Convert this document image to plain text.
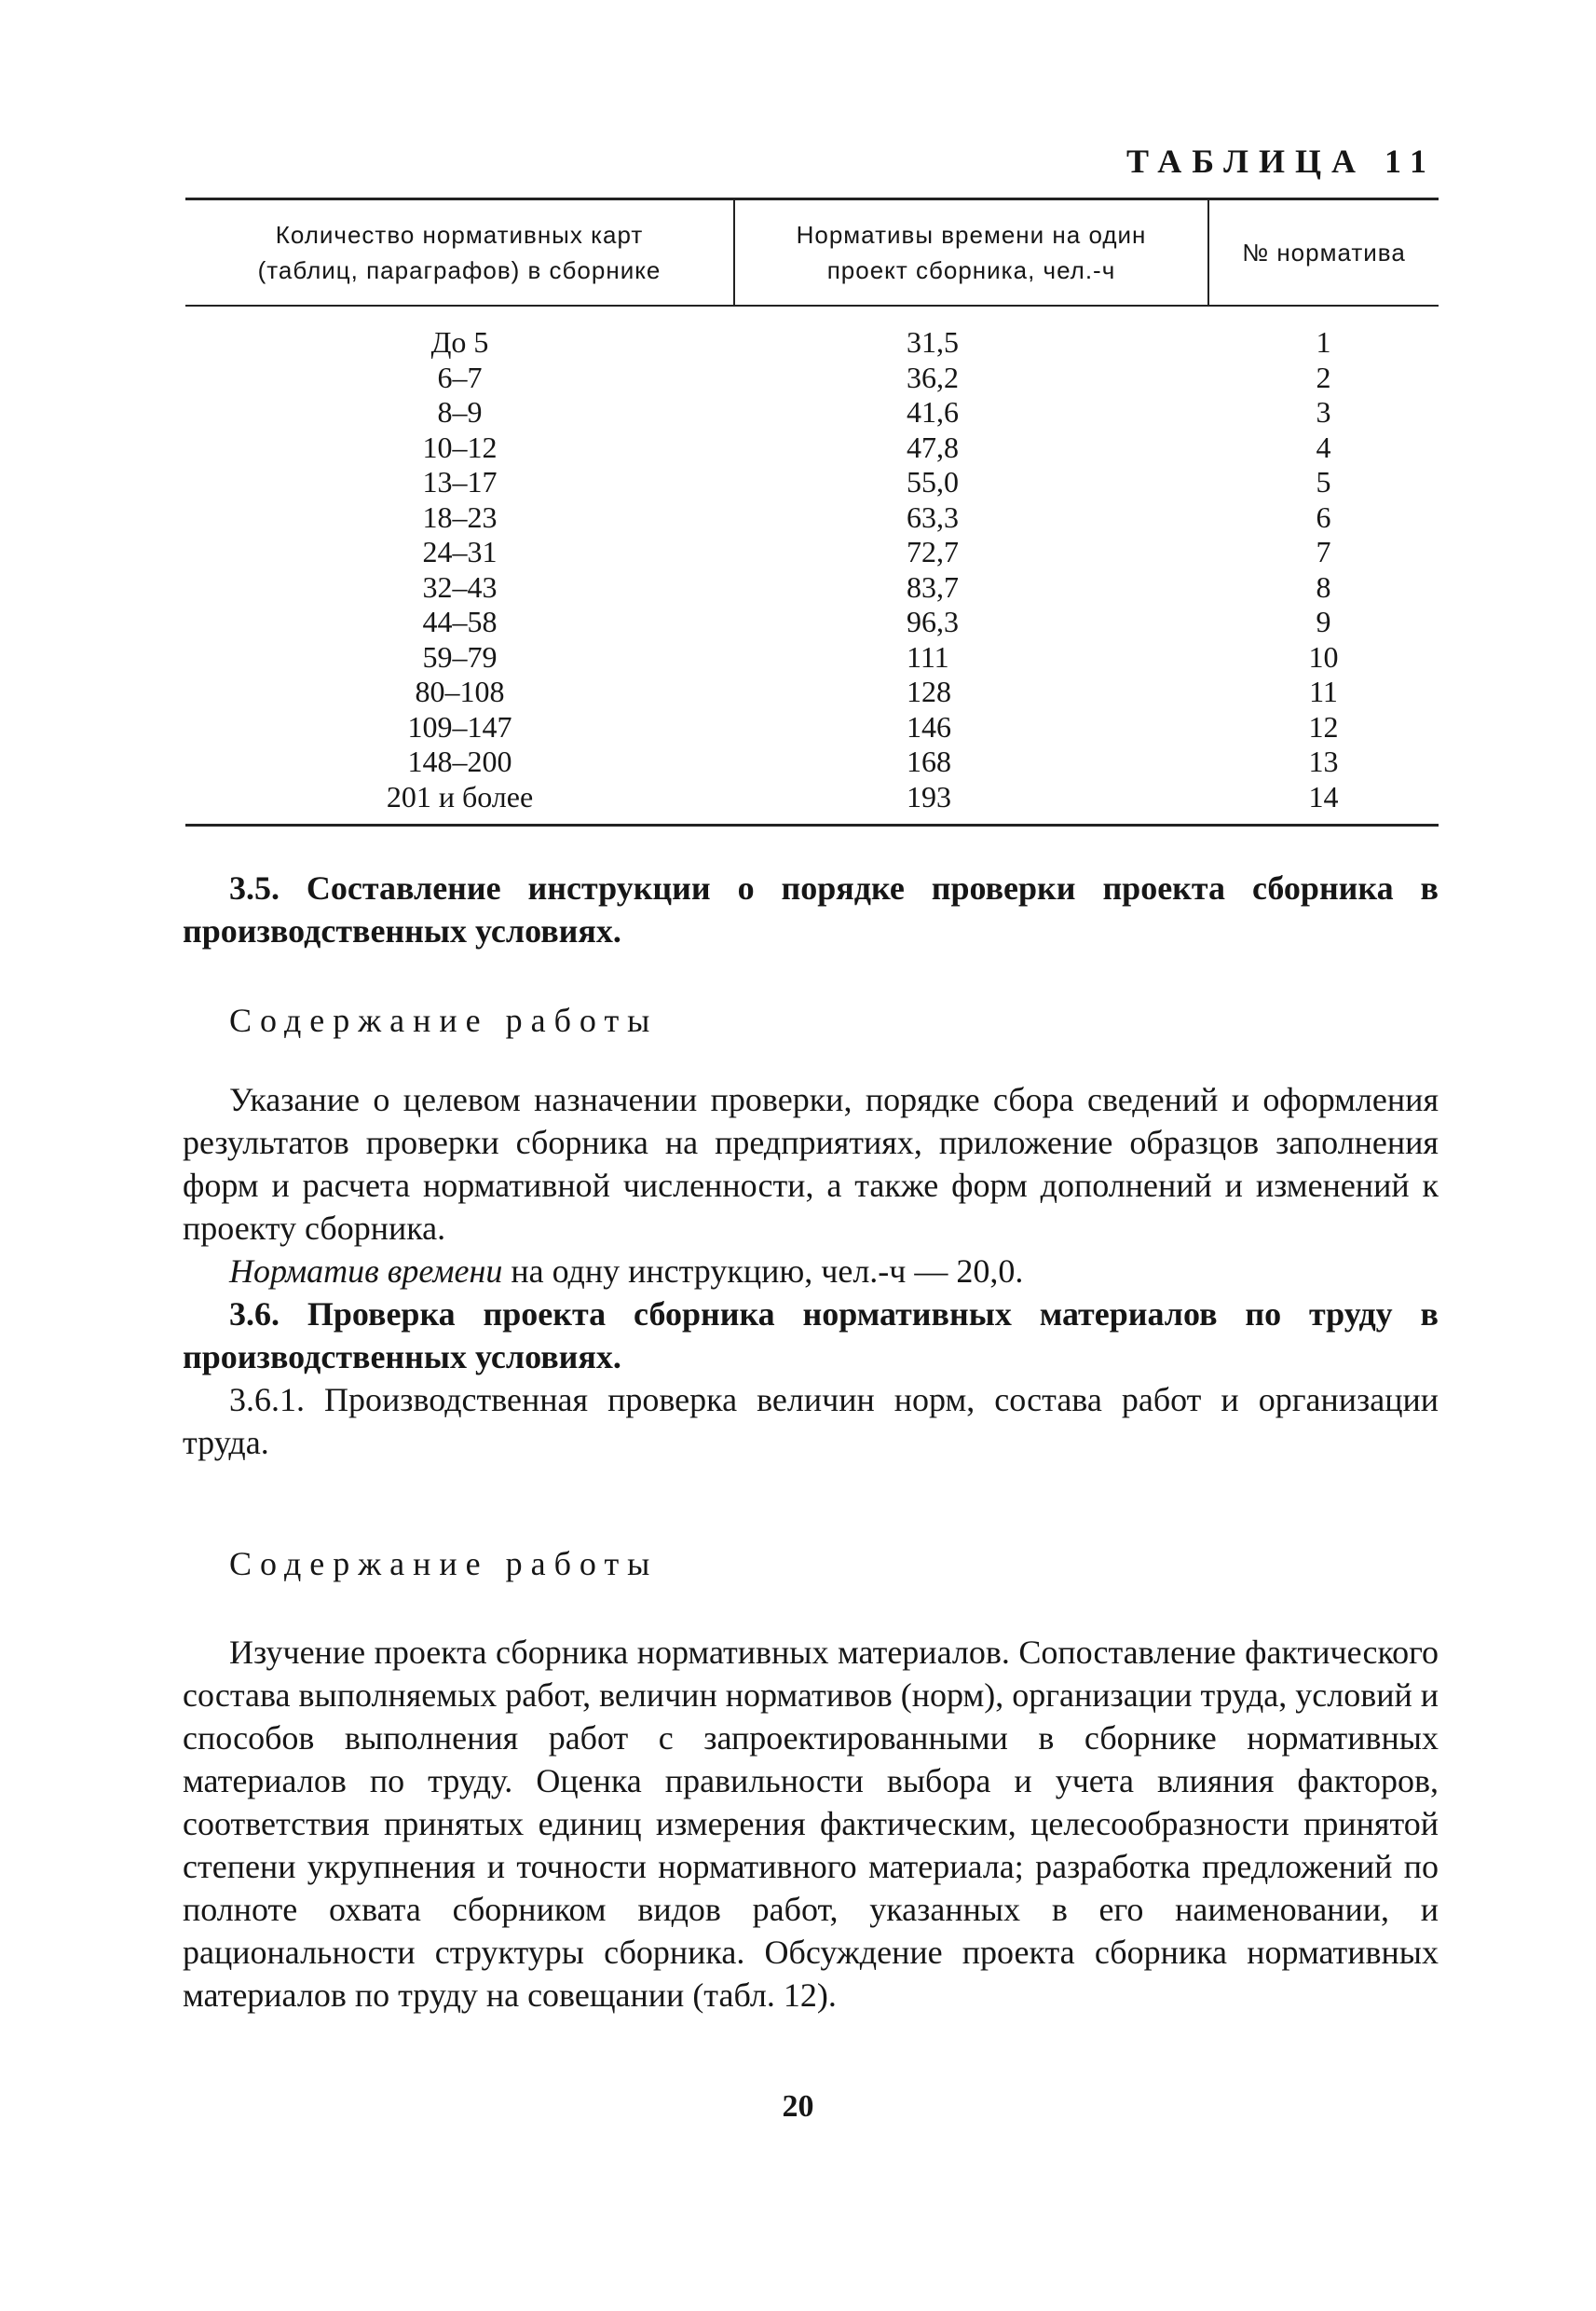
ТАБЛИЦА 11
Количество нормативных карт (таблиц, параграфов) в сборнике	Нормативы времени на один проект сборника, чел.-ч	№ норматива
До 5	31,5	1
6–7	36,2	2
8–9	41,6	3
10–12	47,8	4
13–17	55,0	5
18–23	63,3	6
24–31	72,7	7
32–43	83,7	8
44–58	96,3	9
59–79	111	10
80–108	128	11
109–147	146	12
148–200	168	13
201 и более	193	14

3.5. Составление инструкции о порядке проверки проекта сборника в производственных условиях.

Содержание работы

Указание о целевом назначении проверки, порядке сбора сведений и оформления результатов проверки сборника на предприятиях, приложение образцов заполнения форм и расчета нормативной численности, а также форм дополнений и изменений к проекту сборника.

Норматив времени на одну инструкцию, чел.-ч — 20,0.

3.6. Проверка проекта сборника нормативных материалов по труду в производственных условиях.

3.6.1. Производственная проверка величин норм, состава работ и организации труда.

Содержание работы

Изучение проекта сборника нормативных материалов. Сопоставление фактического состава выполняемых работ, величин нормативов (норм), организации труда, условий и способов выполнения работ с запроектированными в сборнике нормативных материалов по труду. Оценка правильности выбора и учета влияния факторов, соответствия принятых единиц измерения фактическим, целесообразности принятой степени укрупнения и точности нормативного материала; разработка предложений по полноте охвата сборником видов работ, указанных в его наименовании, и рациональности структуры сборника. Обсуждение проекта сборника нормативных материалов по труду на совещании (табл. 12).

20
